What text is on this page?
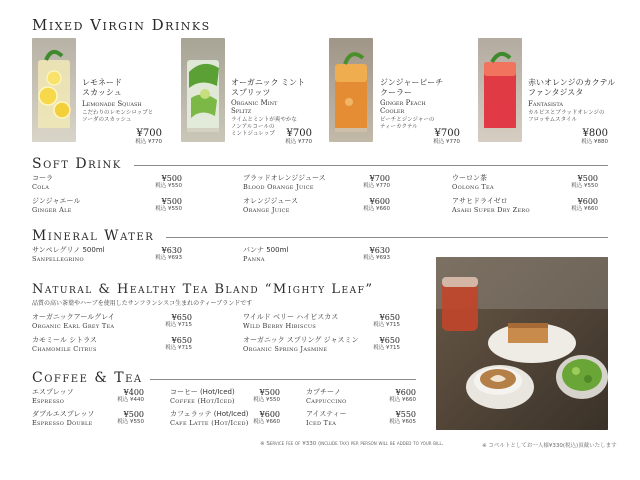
Mixed Virgin Drinks
レモネード
スカッシュ
Lemonade Squash
こだわりのレモンシロップと
ソーダのスカッシュ
¥700
税込 ¥770
オーガニック ミント
スプリッツ
Organic Mint
Splitz
ライムとミントが爽やかな
ノンアルコールの
ミントジュレップ	¥700
税込 ¥770
ジンジャーピーチ
クーラー
Ginger Peach
Cooler
ピーチとジンジャーの
ティーカクテル
¥700
税込 ¥770
赤いオレンジのカクテル
ファンタジスタ
Fantasista
カルピスとブラッドオレンジの
フロッサムスタイル
¥800
税込 ¥880
Soft Drink
コーラ
Cola
¥500
税込 ¥550
ジンジャエール
Ginger Ale
¥500
税込 ¥550
ブラッドオレンジジュース
Blood Orange Juice
¥700
税込 ¥770
オレンジジュース
Orange Juice
¥600
税込 ¥660
ウーロン茶
Oolong Tea
¥500
税込 ¥550
アサヒドライゼロ
Asahi Super Dry Zero
¥600
税込 ¥660
Mineral Water
サンペレグリノ 500ml
Sanpellegrino
¥630
税込 ¥693
パンナ 500ml
Panna
¥630
税込 ¥693
Natural & Healthy Tea Bland “Mighty Leaf”
品質の高い茶葉やハーブを使用したサンフランシスコ生まれのティーブランドです
オーガニックアールグレイ
Organic Earl Grey Tea
¥650
税込 ¥715
カモミール シトラス
Chamomile Citrus
¥650
税込 ¥715
ワイルド ベリー ハイビスカス
Wild Berry Hibiscus
¥650
税込 ¥715
オーガニック スプリング ジャスミン
Organic Spring Jasmine
¥650
税込 ¥715
Coffee & Tea
エスプレッソ
Espresso
¥400
税込 ¥440
ダブルエスプレッソ
Espresso Double
¥500
税込 ¥550
コーヒー (Hot/Iced)
Coffee (Hot/Iced)
¥500
税込 ¥550
カフェラッテ (Hot/Iced)
Cafe Latte (Hot/Iced)
¥600
税込 ¥660
カプチーノ
Cappuccino
¥600
税込 ¥660
アイスティー
Iced Tea
¥550
税込 ¥605
※ Service fee of ¥330 (include tax) per person will be added to your bill.	※ コペルトとしてお一人様¥330(税込)頂戴いたします
